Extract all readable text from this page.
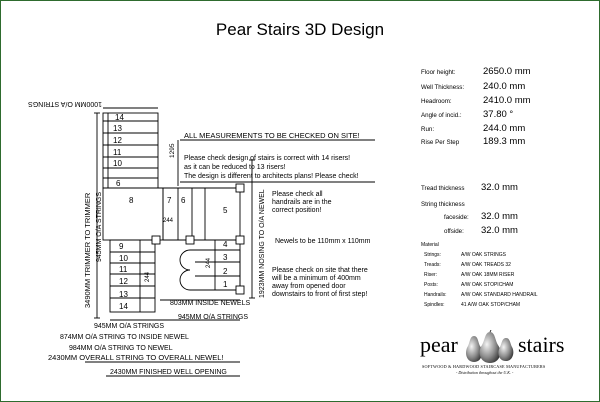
Pear Stairs 3D Design
14
13
12
11
10
6
8	7 6
5
9
10
11
12
13
14
4
3
2
1
244
244
244
1000MM O/A STRINGS
3490MM TRIMMER TO TRIMMER 945MM O/A STRINGS
1295
1923MM NOSING TO O/A NEWEL
803MM INSIDE NEWELS
945MM O/A STRINGS
945MM O/A STRINGS
874MM O/A STRING TO INSIDE NEWEL
984MM O/A STRING TO NEWEL
2430MM OVERALL STRING TO OVERALL NEWEL!
2430MM FINISHED WELL OPENING
ALL MEASUREMENTS TO BE CHECKED ON SITE!
Please check design of stairs is correct with 14 risers!
as it can be reduced to 13 risers!
The design is different to architects plans! Please check!
Please check all
handrails are in the
correct position!
Newels to be 110mm x 110mm
Please check on site that there
will be a minimum of 400mm
away from opened door
downstairs to front of first step!
Floor height:	2650.0 mm
Well Thickness: 240.0 mm
Headroom:	2410.0 mm
Angle of incid.: 37.80 °
Run:	244.0 mm
Rise Per Step	189.3 mm
Tread thickness 32.0 mm
String thickness
faceside: 32.0 mm
offside: 32.0 mm
Material
Strings:	A/W OAK STRINGS
Treads:	A/W OAK TREADS 32
Riser:	A/W OAK 18MM RISER
Posts:	A/W OAK STOPICHAM
Handrails:	A/W OAK STANDARD HANDRAIL
Spindles:	41 A/W OAK STOP/CHAM
pear	stairs
SOFTWOOD & HARDWOOD STAIRCASE MANUFACTURERS
- Distribution throughout the U.K. -
